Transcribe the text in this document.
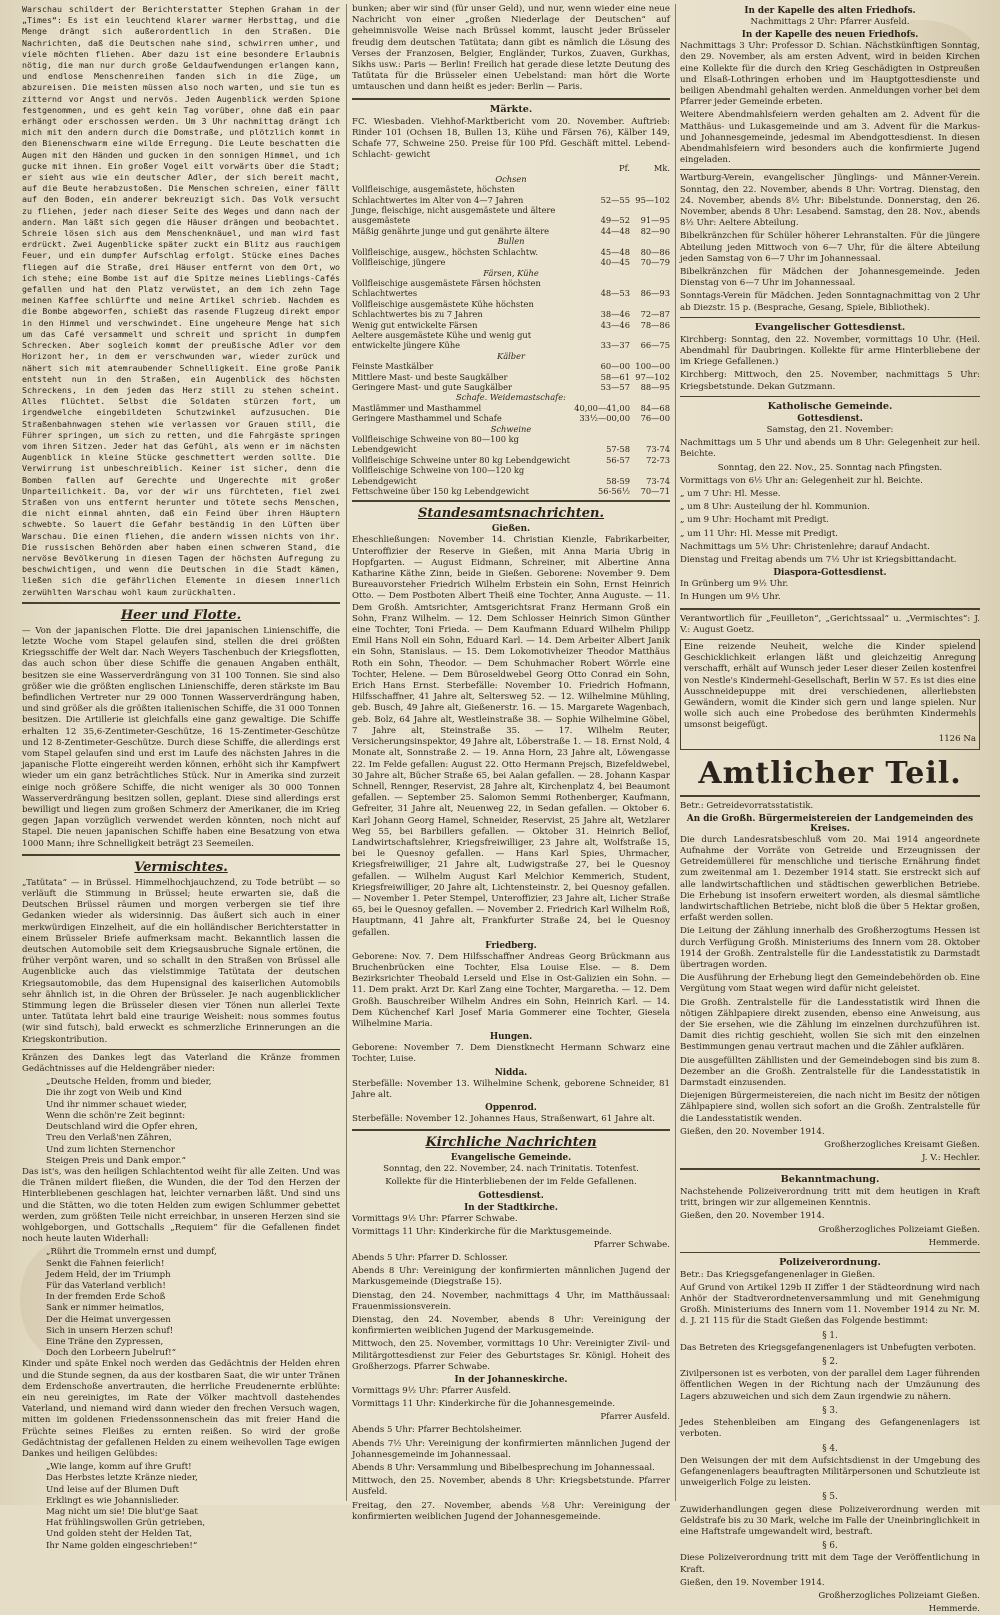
Warschau schildert der Berichterstatter Stephen Graham in der „Times“: Es ist ein leuchtend klarer warmer Herbsttag, und die Menge drängt sich außerordentlich in den Straßen. Die Nachrichten, daß die Deutschen nahe sind, schwirren umher, und viele möchten fliehen. Aber dazu ist eine besondere Erlaubnis nötig, die man nur durch große Geldaufwendungen erlangen kann, und endlose Menschenreihen fanden sich in die Züge, um abzureisen. Die meisten müssen also noch warten, und sie tun es zitternd vor Angst und nervös. Jeden Augenblick werden Spione festgenommen, und es geht kein Tag vorüber, ohne daß ein paar erhängt oder erschossen werden. Um 3 Uhr nachmittag drängt ich mich mit den andern durch die Domstraße, und plötzlich kommt in den Bienenschwarm eine wilde Erregung. Die Leute beschatten die Augen mit den Händen und gucken in den sonnigen Himmel, und ich gucke mit ihnen. Ein großer Vogel eilt vorwärts über die Stadt; er sieht aus wie ein deutscher Adler, der sich bereit macht, auf die Beute herabzustoßen. Die Menschen schreien, einer fällt auf den Boden, ein anderer bekreuzigt sich. Das Volk versucht zu fliehen, jeder nach dieser Seite des Weges und dann nach der andern. Man läßt sich gegen die Häuser drängen und beobachtet. Schreie lösen sich aus dem Menschenknäuel, und man wird fast erdrückt. Zwei Augenblicke später zuckt ein Blitz aus rauchigem Feuer, und ein dumpfer Aufschlag erfolgt. Stücke eines Daches fliegen auf die Straße, drei Häuser entfernt von dem Ort, wo ich stehe; eine Bombe ist auf die Spitze meines Lieblings-Cafés gefallen und hat den Platz verwüstet, an dem ich zehn Tage meinen Kaffee schlürfte und meine Artikel schrieb. Nachdem es die Bombe abgeworfen, schießt das rasende Flugzeug direkt empor in den Himmel und verschwindet. Eine ungeheure Menge hat sich um das Café versammelt und schreit und spricht in dumpfem Schrecken. Aber sogleich kommt der preußische Adler vor dem Horizont her, in dem er verschwunden war, wieder zurück und nähert sich mit atemraubender Schnelligkeit. Eine große Panik entsteht nun in den Straßen, ein Augenblick des höchsten Schreckens, in dem jedem das Herz still zu stehen scheint. Alles flüchtet. Selbst die Soldaten stürzen fort, um irgendwelche eingebildeten Schutzwinkel aufzusuchen. Die Straßenbahnwagen stehen wie verlassen vor Grauen still, die Führer springen, um sich zu retten, und die Fahrgäste springen vom ihren Sitzen. Jeder hat das Gefühl, als wenn er im nächsten Augenblick in kleine Stücke geschmettert werden sollte. Die Verwirrung ist unbeschreiblich. Keiner ist sicher, denn die Bomben fallen auf Gerechte und Ungerechte mit großer Unparteilichkeit. Da, vor der wir uns fürchteten, fiel zwei Straßen von uns entfernt herunter und tötete sechs Menschen, die nicht einmal ahnten, daß ein Feind über ihren Häuptern schwebte. So lauert die Gefahr beständig in den Lüften über Warschau. Die einen fliehen, die andern wissen nichts von ihr. Die russischen Behörden aber haben einen schweren Stand, die nervöse Bevölkerung in diesen Tagen der höchsten Aufregung zu beschwichtigen, und wenn die Deutschen in die Stadt kämen, ließen sich die gefährlichen Elemente in diesem innerlich zerwühlten Warschau wohl kaum zurückhalten.

Heer und Flotte.

— Von der japanischen Flotte. Die drei japanischen Linienschiffe, die letzte Woche vom Stapel gelaufen sind, stellen die drei größten Kriegsschiffe der Welt dar. Nach Weyers Taschenbuch der Kriegsflotten, das auch schon über diese Schiffe die genauen Angaben enthält, besitzen sie eine Wasserverdrängung von 31 100 Tonnen. Sie sind also größer wie die größten englischen Linienschiffe, deren stärkste im Bau befindlichen Vertreter nur 29 000 Tonnen Wasserverdrängung haben, und sind größer als die größten italienischen Schiffe, die 31 000 Tonnen besitzen. Die Artillerie ist gleichfalls eine ganz gewaltige. Die Schiffe erhalten 12 35,6-Zentimeter-Geschütze, 16 15-Zentimeter-Geschütze und 12 8-Zentimeter-Geschütze. Durch diese Schiffe, die allerdings erst vom Stapel gelaufen sind und erst im Laufe des nächsten Jahres in die japanische Flotte eingereiht werden können, erhöht sich ihr Kampfwert wieder um ein ganz beträchtliches Stück. Nur in Amerika sind zurzeit einige noch größere Schiffe, die nicht weniger als 30 000 Tonnen Wasserverdrängung besitzen sollen, geplant. Diese sind allerdings erst bewilligt und liegen zum großen Schmerz der Amerikaner, die im Krieg gegen Japan vorzüglich verwendet werden könnten, noch nicht auf Stapel. Die neuen japanischen Schiffe haben eine Besatzung von etwa 1000 Mann; ihre Schnelligkeit beträgt 23 Seemeilen.

Vermischtes.

„Tatütata“ — in Brüssel. Himmelhochjauchzend, zu Tode betrübt — so verläuft die Stimmung in Brüssel; heute erwarten sie, daß die Deutschen Brüssel räumen und morgen verbergen sie tief ihre Gedanken wieder als widersinnig. Das äußert sich auch in einer merkwürdigen Einzelheit, auf die ein holländischer Berichterstatter in einem Brüsseler Briefe aufmerksam macht. Bekanntlich lassen die deutschen Automobile seit dem Kriegsausbruche Signale ertönen, die früher verpönt waren, und so schallt in den Straßen von Brüssel alle Augenblicke auch das vielstimmige Tatütata der deutschen Kriegsautomobile, das dem Hupensignal des kaiserlichen Automobils sehr ähnlich ist, in die Ohren der Brüsseler. Je nach augenblicklicher Stimmung legen die Brüsseler diesen vier Tönen nun allerlei Texte unter. Tatütata lehrt bald eine traurige Weisheit: nous sommes foutus (wir sind futsch), bald erweckt es schmerzliche Erinnerungen an die Kriegskontribution.

Kränzen des Dankes legt das Vaterland die Kränze frommen Gedächtnisses auf die Heldengräber nieder:

„Deutsche Helden, fromm und bieder,

Die ihr zogt von Weib und Kind

Und ihr nimmer schauet wieder,

Wenn die schön're Zeit beginnt:

Deutschland wird die Opfer ehren,

Treu den Verlaß'nen Zähren,

Und zum lichten Sternenchor

Steigen Preis und Dank empor.“

Das ist's, was den heiligen Schlachtentod weiht für alle Zeiten. Und was die Tränen mildert fließen, die Wunden, die der Tod den Herzen der Hinterbliebenen geschlagen hat, leichter vernarben läßt. Und sind uns und die Stätten, wo die toten Helden zum ewigen Schlummer gebettet werden, zum größten Teile nicht erreichbar, in unseren Herzen sind sie wohlgeborgen, und Gottschalls „Requiem“ für die Gefallenen findet noch heute lauten Widerhall:

„Rührt die Trommeln ernst und dumpf,

Senkt die Fahnen feierlich!

Jedem Held, der im Triumph

Für das Vaterland verblich!

In der fremden Erde Schoß

Sank er nimmer heimatlos,

Der die Heimat unvergessen

Sich in unsern Herzen schuf!

Eine Träne den Zypressen,

Doch den Lorbeern Jubelruf!“

Kinder und späte Enkel noch werden das Gedächtnis der Helden ehren und die Stunde segnen, da aus der kostbaren Saat, die wir unter Tränen dem Erdenschoße anvertrauten, die herrliche Freudenernte erblühte: ein neu gereinigtes, im Rate der Völker machtvoll dastehendes Vaterland, und niemand wird dann wieder den frechen Versuch wagen, mitten im goldenen Friedenssonnenschein das mit freier Hand die Früchte seines Fleißes zu ernten reißen. So wird der große Gedächtnistag der gefallenen Helden zu einem weihevollen Tage ewigen Dankes und heiligen Gelübdes:

„Wie lange, komm auf ihre Gruft!

Das Herbstes letzte Kränze nieder,

Und leise auf der Blumen Duft

Erklingt es wie Johannislieder.

Mag nicht um sie! Die blut'ge Saat

Hat frühlingswollen Grün getrieben,

Und golden steht der Helden Tat,

Ihr Name golden eingeschrieben!“

bunken; aber wir sind (für unser Geld), und nur, wenn wieder eine neue Nachricht von einer „großen Niederlage der Deutschen“ auf geheimnisvolle Weise nach Brüssel kommt, lauscht jeder Brüsseler freudig dem deutschen Tatütata; dann gibt es nämlich die Lösung des Verses der Franzosen, Belgier, Engländer, Turkos, Zuaven, Gurkhas, Sikhs usw.: Paris — Berlin! Freilich hat gerade diese letzte Deutung des Tatütata für die Brüsseler einen Uebelstand: man hört die Worte umtauschen und dann heißt es jeder: Berlin — Paris.

Märkte.

FC. Wiesbaden. Viehhof-Marktbericht vom 20. November. Auftrieb: Rinder 101 (Ochsen 18, Bullen 13, Kühe und Färsen 76), Kälber 149, Schafe 77, Schweine 250. Preise für 100 Pfd. Geschäft mittel. Lebend- Schlacht- gewicht

	Pf.	Mk.
Ochsen		
Vollfleischige, ausgemästete, höchsten Schlachtwertes im Alter von 4—7 Jahren	52—55	95—102
Junge, fleischige, nicht ausgemästete und ältere ausgemästete	49—52	91—95
Mäßig genährte junge und gut genährte ältere	44—48	82—90
Bullen		
Vollfleischige, ausgew., höchsten Schlachtw.	45—48	80—86
Vollfleischige, jüngere	40—45	70—79
Färsen, Kühe		
Vollfleischige ausgemästete Färsen höchsten Schlachtwertes	48—53	86—93
Vollfleischige ausgemästete Kühe höchsten Schlachtwertes bis zu 7 Jahren	38—46	72—87
Wenig gut entwickelte Färsen	43—46	78—86
Aeltere ausgemästete Kühe und wenig gut entwickelte jüngere Kühe	33—37	66—75
Kälber		
Feinste Mastkälber	60—00	100—00
Mittlere Mast- und beste Saugkälber	58—61	97—102
Geringere Mast- und gute Saugkälber	53—57	88—95
Schafe. Weidemastschafe:		
Mastlämmer und Masthammel	40,00—41,00	84—68
Geringere Masthammel und Schafe	33½—00,00	76—00
Schweine		
Vollfleischige Schweine von 80—100 kg Lebendgewicht	57-58	73-74
Vollfleischige Schweine unter 80 kg Lebendgewicht	56-57	72-73
Vollfleischige Schweine von 100—120 kg Lebendgewicht	58-59	73-74
Fettschweine über 150 kg Lebendgewicht	56-56½	70—71
Standesamtsnachrichten.
Gießen.

Eheschließungen: November 14. Christian Kienzle, Fabrikarbeiter, Unteroffizier der Reserve in Gießen, mit Anna Maria Ubrig in Hopfgarten. — August Eidmann, Schreiner, mit Albertine Anna Katharine Käthe Zinn, beide in Gießen. Geborene: November 9. Dem Bureauvorsteher Friedrich Wilhelm Erbstein ein Sohn, Ernst Heinrich Otto. — Dem Postboten Albert Theiß eine Tochter, Anna Auguste. — 11. Dem Großh. Amtsrichter, Amtsgerichtsrat Franz Hermann Groß ein Sohn, Franz Wilhelm. — 12. Dem Schlosser Heinrich Simon Günther eine Tochter, Toni Frieda. — Dem Kaufmann Eduard Wilhelm Philipp Emil Hans Noll ein Sohn, Eduard Karl. — 14. Dem Arbeiter Albert Janik ein Sohn, Stanislaus. — 15. Dem Lokomotivheizer Theodor Matthäus Roth ein Sohn, Theodor. — Dem Schuhmacher Robert Wörrle eine Tochter, Helene. — Dem Büroseldwebel Georg Otto Conrad ein Sohn, Erich Hans Ernst. Sterbefälle: November 10. Friedrich Hofmann, Hilfsschaffner, 41 Jahre alt, Seltersweg 52. — 12. Wilhelmine Mühling, geb. Busch, 49 Jahre alt, Gießenerstr. 16. — 15. Margarete Wagenbach, geb. Bolz, 64 Jahre alt, Westleinstraße 38. — Sophie Wilhelmine Göbel, 7 Jahre alt, Steinstraße 35. — 17. Wilhelm Reuter, Versicherungsinspektor, 49 Jahre alt, Löberstraße 1. — 18. Ernst Nold, 4 Monate alt, Sonnstraße 2. — 19. Anna Horn, 23 Jahre alt, Löwengasse 22. Im Felde gefallen: August 22. Otto Hermann Prejsch, Bizefeldwebel, 30 Jahre alt, Bücher Straße 65, bei Aalan gefallen. — 28. Johann Kaspar Schnell, Rennger, Reservist, 28 Jahre alt, Kirchenplatz 4, bei Beaumont gefallen. — September 25. Salomon Semmi Rothenberger, Kaufmann, Gefreiter, 31 Jahre alt, Neuenweg 22, in Sedan gefallen. — Oktober 6. Karl Johann Georg Hamel, Schneider, Reservist, 25 Jahre alt, Wetzlarer Weg 55, bei Barbillers gefallen. — Oktober 31. Heinrich Bellof, Landwirtschaftslehrer, Kriegsfreiwilliger, 23 Jahre alt, Wolfstraße 15, bei le Quesnoy gefallen. — Hans Karl Spies, Uhrmacher, Kriegsfreiwilliger, 21 Jahre alt, Ludwigstraße 27, bei le Quesnoy gefallen. — Wilhelm August Karl Melchior Kemmerich, Student, Kriegsfreiwilliger, 20 Jahre alt, Lichtensteinstr. 2, bei Quesnoy gefallen. — November 1. Peter Stempel, Unteroffizier, 23 Jahre alt, Licher Straße 65, bei le Quesnoy gefallen. — November 2. Friedrich Karl Wilhelm Roß, Hauptmann, 41 Jahre alt, Frankfurter Straße 24, bei le Quesnoy gefallen.

Friedberg.

Geborene: Nov. 7. Dem Hilfsschaffner Andreas Georg Brückmann aus Bruchenbrücken eine Tochter, Elsa Louise Else. — 8. Dem Bezirksrichter Theobald Lerseld und Else in Ost-Galizien ein Sohn. — 11. Dem prakt. Arzt Dr. Karl Zang eine Tochter, Margaretha. — 12. Dem Großh. Bauschreiber Wilhelm Andres ein Sohn, Heinrich Karl. — 14. Dem Küchenchef Karl Josef Maria Gommerer eine Tochter, Giesela Wilhelmine Maria.

Hungen.

Geborene: November 7. Dem Dienstknecht Hermann Schwarz eine Tochter, Luise.

Nidda.

Sterbefälle: November 13. Wilhelmine Schenk, geborene Schneider, 81 Jahre alt.

Oppenrod.

Sterbefälle: November 12. Johannes Haus, Straßenwart, 61 Jahre alt.

Kirchliche Nachrichten
Evangelische Gemeinde.

Sonntag, den 22. November, 24. nach Trinitatis. Totenfest.

Kollekte für die Hinterbliebenen der im Felde Gefallenen.

Gottesdienst.
In der Stadtkirche.

Vormittags 9½ Uhr: Pfarrer Schwabe.

Vormittags 11 Uhr: Kinderkirche für die Marktusgemeinde.

Pfarrer Schwabe.

Abends 5 Uhr: Pfarrer D. Schlosser.

Abends 8 Uhr: Vereinigung der konfirmierten männlichen Jugend der Markusgemeinde (Diegstraße 15).

Dienstag, den 24. November, nachmittags 4 Uhr, im Matthäussaal: Frauenmissionsverein.

Dienstag, den 24. November, abends 8 Uhr: Vereinigung der konfirmierten weiblichen Jugend der Markusgemeinde.

Mittwoch, den 25. November, vormittags 10 Uhr: Vereinigter Zivil- und Militärgottesdienst zur Feier des Geburtstages Sr. Königl. Hoheit des Großherzogs. Pfarrer Schwabe.

In der Johanneskirche.

Vormittags 9½ Uhr: Pfarrer Ausfeld.

Vormittags 11 Uhr: Kinderkirche für die Johannesgemeinde.

Pfarrer Ausfeld.

Abends 5 Uhr: Pfarrer Bechtolsheimer.

Abends 7½ Uhr: Vereinigung der konfirmierten männlichen Jugend der Johannesgemeinde im Johannessaal.

Abends 8 Uhr: Versammlung und Bibelbesprechung im Johannessaal.

Mittwoch, den 25. November, abends 8 Uhr: Kriegsbetstunde. Pfarrer Ausfeld.

Freitag, den 27. November, abends ½8 Uhr: Vereinigung der konfirmierten weiblichen Jugend der Johannesgemeinde.

In der Kapelle des alten Friedhofs.

Nachmittags 2 Uhr: Pfarrer Ausfeld.

In der Kapelle des neuen Friedhofs.

Nachmittags 3 Uhr: Professor D. Schian. Nächstkünftigen Sonntag, den 29. November, als am ersten Advent, wird in beiden Kirchen eine Kollekte für die durch den Krieg Geschädigten in Ostpreußen und Elsaß-Lothringen erhoben und im Hauptgottesdienste und beiligen Abendmahl gehalten werden. Anmeldungen vorher bei dem Pfarrer jeder Gemeinde erbeten.

Weitere Abendmahlsfeiern werden gehalten am 2. Advent für die Matthäus- und Lukasgemeinde und am 3. Advent für die Markus- und Johannesgemeinde, jedesmal im Abendgottesdienst. In diesen Abendmahlsfeiern wird besonders auch die konfirmierte Jugend eingeladen.

Wartburg-Verein, evangelischer Jünglings- und Männer-Verein. Sonntag, den 22. November, abends 8 Uhr: Vortrag. Dienstag, den 24. November, abends 8½ Uhr: Bibelstunde. Donnerstag, den 26. November, abends 8 Uhr: Lesabend. Samstag, den 28. Nov., abends 8½ Uhr: Aeltere Abteilung.

Bibelkränzchen für Schüler höherer Lehranstalten. Für die jüngere Abteilung jeden Mittwoch von 6—7 Uhr, für die ältere Abteilung jeden Samstag von 6—7 Uhr im Johannessaal.

Bibelkränzchen für Mädchen der Johannesgemeinde. Jeden Dienstag von 6—7 Uhr im Johannessaal.

Sonntags-Verein für Mädchen. Jeden Sonntagnachmittag von 2 Uhr ab Diezstr. 15 p. (Besprache, Gesang, Spiele, Bibliothek).

Evangelischer Gottesdienst.

Kirchberg: Sonntag, den 22. November, vormittags 10 Uhr. (Heil. Abendmahl für Daubringen. Kollekte für arme Hinterbliebene der im Kriege Gefallenen.)

Kirchberg: Mittwoch, den 25. November, nachmittags 5 Uhr: Kriegsbetstunde. Dekan Gutzmann.

Katholische Gemeinde.
Gottesdienst.

Samstag, den 21. November:

Nachmittags um 5 Uhr und abends um 8 Uhr: Gelegenheit zur heil. Beichte.

Sonntag, den 22. Nov., 25. Sonntag nach Pfingsten.

Vormittags von 6½ Uhr an: Gelegenheit zur hl. Beichte.

„ um 7 Uhr: Hl. Messe.

„ um 8 Uhr: Austeilung der hl. Kommunion.

„ um 9 Uhr: Hochamt mit Predigt.

„ um 11 Uhr: Hl. Messe mit Predigt.

Nachmittags um 5½ Uhr: Christenlehre; darauf Andacht.

Dienstag und Freitag abends um 7½ Uhr ist Kriegsbittandacht.

Diaspora-Gottesdienst.

In Grünberg um 9½ Uhr.

In Hungen um 9½ Uhr.

Verantwortlich für „Feuilleton“, „Gerichtssaal“ u. „Vermischtes“: J. V.: August Goetz.

Eine reizende Neuheit, welche die Kinder spielend Geschicklichkeit erlangen läßt und gleichzeitig Anregung verschafft, erhält auf Wunsch jeder Leser dieser Zeilen kostenfrei von Nestle's Kindermehl-Gesellschaft, Berlin W 57. Es ist dies eine Ausschneidepuppe mit drei verschiedenen, allerliebsten Gewändern, womit die Kinder sich gern und lange spielen. Nur wolle sich auch eine Probedose des berühmten Kindermehls umsonst beigefügt.

1126 Na

Amtlicher Teil.

Betr.: Getreidevorratsstatistik.

An die Großh. Bürgermeistereien der Landgemeinden des Kreises.

Die durch Landesratsbeschluß vom 20. Mai 1914 angeordnete Aufnahme der Vorräte von Getreide und Erzeugnissen der Getreidemüllerei für menschliche und tierische Ernährung findet zum zweitenmal am 1. Dezember 1914 statt. Sie erstreckt sich auf alle landwirtschaftlichen und städtischen gewerblichen Betriebe. Die Erhebung ist insofern erweitert worden, als diesmal sämtliche landwirtschaftlichen Betriebe, nicht bloß die über 5 Hektar großen, erfaßt werden sollen.

Die Leitung der Zählung innerhalb des Großherzogtums Hessen ist durch Verfügung Großh. Ministeriums des Innern vom 28. Oktober 1914 der Großh. Zentralstelle für die Landesstatistik zu Darmstadt übertragen worden.

Die Ausführung der Erhebung liegt den Gemeindebehörden ob. Eine Vergütung vom Staat wegen wird dafür nicht geleistet.

Die Großh. Zentralstelle für die Landesstatistik wird Ihnen die nötigen Zählpapiere direkt zusenden, ebenso eine Anweisung, aus der Sie ersehen, wie die Zählung im einzelnen durchzuführen ist. Damit dies richtig geschieht, wollen Sie sich mit den einzelnen Bestimmungen genau vertraut machen und die Zähler aufklären.

Die ausgefüllten Zähllisten und der Gemeindebogen sind bis zum 8. Dezember an die Großh. Zentralstelle für die Landesstatistik in Darmstadt einzusenden.

Diejenigen Bürgermeistereien, die nach nicht im Besitz der nötigen Zählpapiere sind, wollen sich sofort an die Großh. Zentralstelle für die Landesstatistik wenden.

Gießen, den 20. November 1914.

Großherzogliches Kreisamt Gießen.

J. V.: Hechler.

Bekanntmachung.

Nachstehende Polizeiverordnung tritt mit dem heutigen in Kraft tritt, bringen wir zur allgemeinen Kenntnis.

Gießen, den 20. November 1914.

Großherzogliches Polizeiamt Gießen.

Hemmerde.

Polizeiverordnung.

Betr.: Das Kriegsgefangenenlager in Gießen.

Auf Grund von Artikel 129b II Ziffer 1 der Städteordnung wird nach Anhör der Stadtverordnetenversammlung und mit Genehmigung Großh. Ministeriums des Innern vom 11. November 1914 zu Nr. M. d. J. 21 115 für die Stadt Gießen das Folgende bestimmt:

§ 1.

Das Betreten des Kriegsgefangenenlagers ist Unbefugten verboten.

§ 2.

Zivilpersonen ist es verboten, von der parallel dem Lager führenden öffentlichen Wegen in der Richtung nach der Umzäunung des Lagers abzuweichen und sich dem Zaun irgendwie zu nähern.

§ 3.

Jedes Stehenbleiben am Eingang des Gefangenenlagers ist verboten.

§ 4.

Den Weisungen der mit dem Aufsichtsdienst in der Umgebung des Gefangenenlagers beauftragten Militärpersonen und Schutzleute ist unweigerlich Folge zu leisten.

§ 5.

Zuwiderhandlungen gegen diese Polizeiverordnung werden mit Geldstrafe bis zu 30 Mark, welche im Falle der Uneinbringlichkeit in eine Haftstrafe umgewandelt wird, bestraft.

§ 6.

Diese Polizeiverordnung tritt mit dem Tage der Veröffentlichung in Kraft.

Gießen, den 19. November 1914.

Großherzogliches Polizeiamt Gießen.

Hemmerde.
